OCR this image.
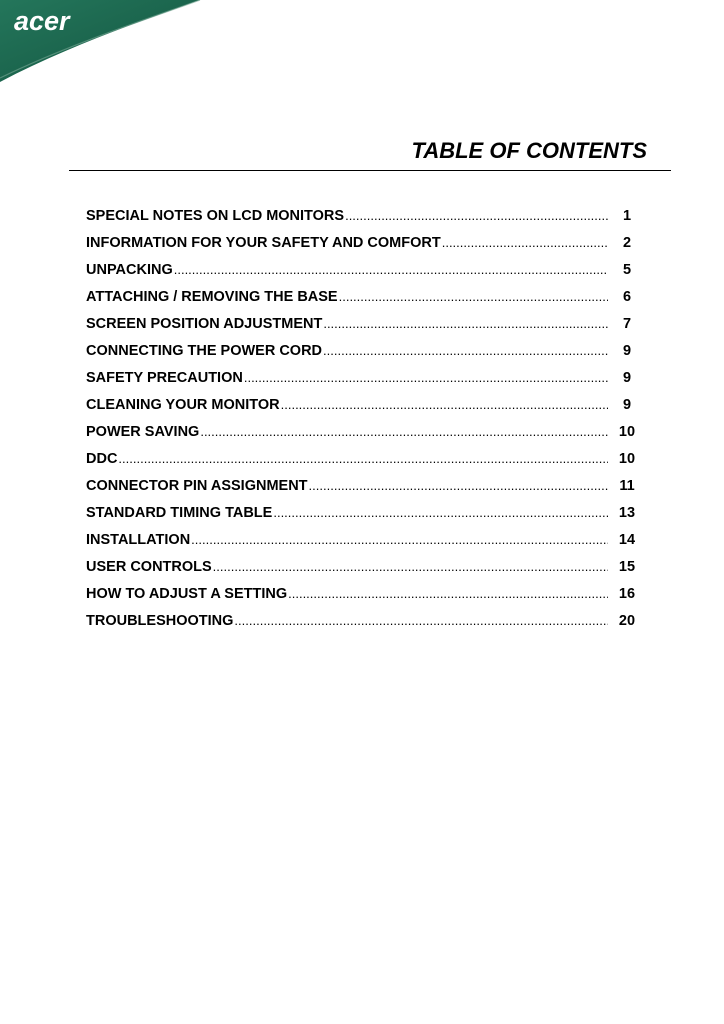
acer
TABLE OF CONTENTS
SPECIAL NOTES ON LCD MONITORS .....	1
INFORMATION FOR YOUR SAFETY AND COMFORT .....	2
UNPACKING .....	5
ATTACHING / REMOVING THE BASE .....	6
SCREEN POSITION ADJUSTMENT .....	7
CONNECTING THE POWER CORD .....	9
SAFETY PRECAUTION .....	9
CLEANING YOUR MONITOR .....	9
POWER SAVING .....	10
DDC .....	10
CONNECTOR PIN ASSIGNMENT .....	11
STANDARD TIMING TABLE .....	13
INSTALLATION .....	14
USER CONTROLS .....	15
HOW TO ADJUST A SETTING .....	16
TROUBLESHOOTING .....	20
